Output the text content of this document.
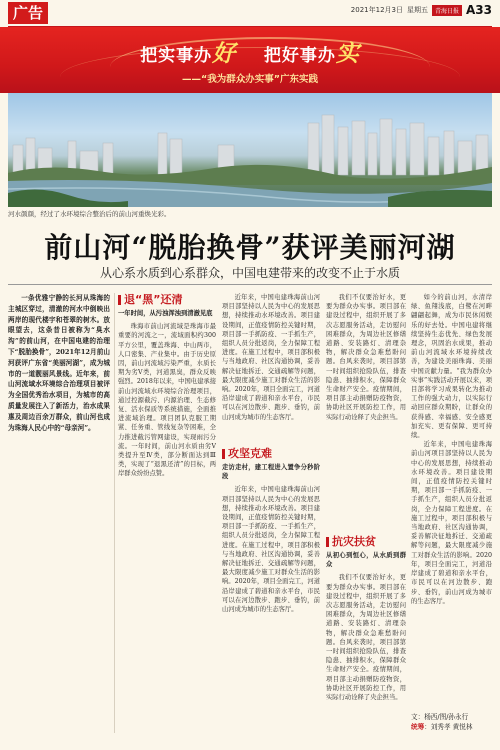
广告	2021年12月3日 星期五	青海日报 A33
把实事办好 把好事办实
——“我为群众办实事”广东实践
河水颜颜，经过了水环境综合整治后的前山河重焕光彩。
前山河“脱胎换骨”获评美丽河湖
从心系水质到心系群众，中国电建带来的改变不止于水质

一条优雅宁静的长河从珠海的主城区穿过，清澈的河水中倒映出两岸的现代楼宇和苍翠的树木。放眼望去，这条昔日被称为“臭水沟”的前山河，在中国电建的治理下“脱胎换骨”，2021年12月前山河获评广东省“美丽河湖”，成为城市的一道靓丽风景线。近年来，前山河流域水环境综合治理项目被评为全国优秀治水项目，为城市的高质量发展注入了新活力，治水成果惠及周边百余万群众，前山河也成为珠海人民心中的“母亲河”。

退“黑”还清
一年时间，从污浊浑浊到清澈见底

珠海市前山河流域是珠海市最重要的河流之一，流域面积约300平方公里，覆盖珠海、中山两市，人口密集、产业集中。由于历史原因，前山河流域污染严重，水质长期为劣Ⅴ类，河道黑臭，群众反映强烈。2018年以来，中国电建承接前山河流域水环境综合治理项目，通过控源截污、内源治理、生态修复、活水保质等系统措施，全面推进流域治理。项目团队克服工期紧、任务重、管线复杂等困难，全力推进截污管网建设，实现雨污分流。一年时间，前山河水质由劣Ⅴ类提升至Ⅳ类，部分断面达到Ⅲ类，实现了“退黑还清”的目标，两岸群众纷纷点赞。

近年来，中国电建珠海前山河项目部坚持以人民为中心的发展思想，持续推动水环境改善。项目建设期间，正值疫情防控关键时期，项目部一手抓防疫、一手抓生产，组织人员分批返岗，全力保障工程进度。在施工过程中，项目部积极与当地政府、社区沟通协调，妥善解决征地拆迁、交通疏解等问题，最大限度减少施工对群众生活的影响。2020年，项目全面完工，河道沿岸建成了碧道和亲水平台，市民可以在河边散步、跑步、垂钓，前山河成为城市的生态客厅。

攻坚克难
走访走村，建工程进入置争分秒阶段

近年来，中国电建珠海前山河项目部坚持以人民为中心的发展思想，持续推动水环境改善。项目建设期间，正值疫情防控关键时期，项目部一手抓防疫、一手抓生产，组织人员分批返岗，全力保障工程进度。在施工过程中，项目部积极与当地政府、社区沟通协调，妥善解决征地拆迁、交通疏解等问题，最大限度减少施工对群众生活的影响。2020年，项目全面完工，河道沿岸建成了碧道和亲水平台，市民可以在河边散步、跑步、垂钓，前山河成为城市的生态客厅。

我们不仅要治好水，更要为群众办实事。项目部在建设过程中，组织开展了多次志愿服务活动，走访慰问困难群众，为周边社区修缮道路、安装路灯、清理杂物，解决群众急难愁盼问题。台风来袭时，项目部第一时间组织抢险队伍，排查隐患、抽排积水，保障群众生命财产安全。疫情期间，项目部主动捐赠防疫物资，协助社区开展防控工作，用实际行动诠释了央企担当。

抗灾扶贫
从初心到恒心，从水质到群众

我们不仅要治好水，更要为群众办实事。项目部在建设过程中，组织开展了多次志愿服务活动，走访慰问困难群众，为周边社区修缮道路、安装路灯、清理杂物，解决群众急难愁盼问题。台风来袭时，项目部第一时间组织抢险队伍，排查隐患、抽排积水，保障群众生命财产安全。疫情期间，项目部主动捐赠防疫物资，协助社区开展防控工作，用实际行动诠释了央企担当。

如今的前山河，水清岸绿、鱼翔浅底，白鹭在河畔翩翩起舞，成为市民休闲娱乐的好去处。中国电建将继续坚持生态优先、绿色发展理念，巩固治水成果，推动前山河流域水环境持续改善，为建设美丽珠海、美丽中国贡献力量。“我为群众办实事”实践活动开展以来，项目部将学习成果转化为推动工作的强大动力，以实际行动回应群众期盼，让群众的获得感、幸福感、安全感更加充实、更有保障、更可持续。

近年来，中国电建珠海前山河项目部坚持以人民为中心的发展思想，持续推动水环境改善。项目建设期间，正值疫情防控关键时期，项目部一手抓防疫、一手抓生产，组织人员分批返岗，全力保障工程进度。在施工过程中，项目部积极与当地政府、社区沟通协调，妥善解决征地拆迁、交通疏解等问题，最大限度减少施工对群众生活的影响。2020年，项目全面完工，河道沿岸建成了碧道和亲水平台，市民可以在河边散步、跑步、垂钓，前山河成为城市的生态客厅。

文：杨西/图/孙永行
统筹：刘秀孝 黄悦林
